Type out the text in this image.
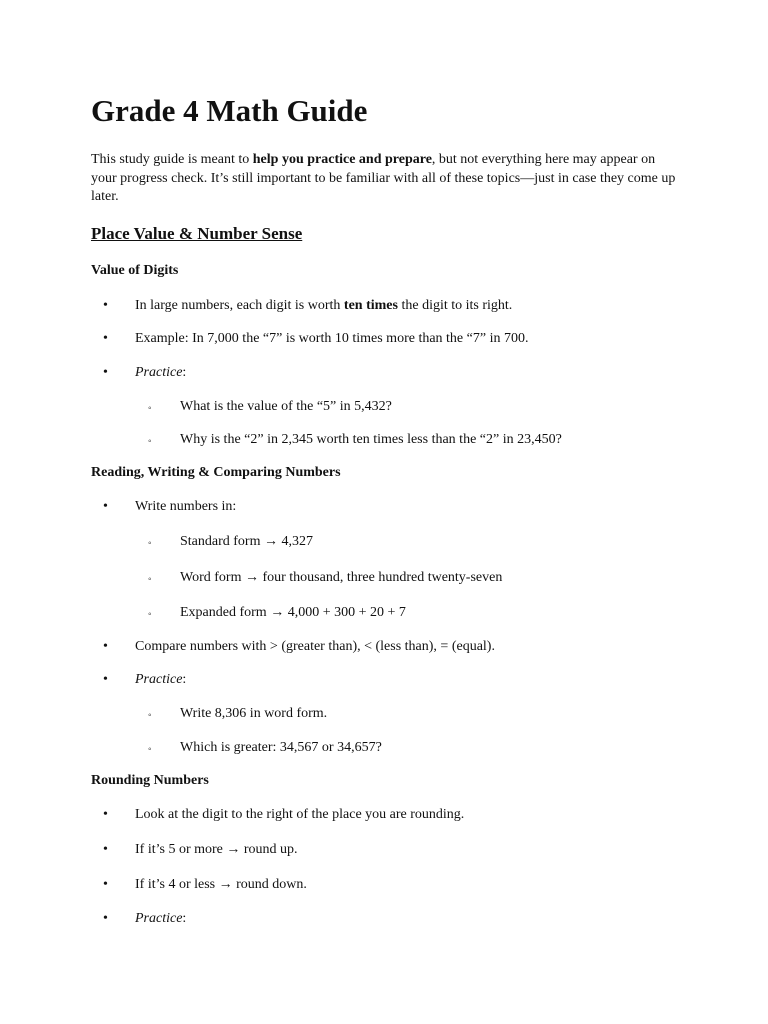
Grade 4 Math Guide

This study guide is meant to help you practice and prepare, but not everything here may appear on your progress check. It’s still important to be familiar with all of these topics—just in case they come up later.

Place Value & Number Sense
Value of Digits
• In large numbers, each digit is worth ten times the digit to its right.
• Example: In 7,000 the “7” is worth 10 times more than the “7” in 700.
• Practice:
◦ What is the value of the “5” in 5,432?
◦ Why is the “2” in 2,345 worth ten times less than the “2” in 23,450?
Reading, Writing & Comparing Numbers
• Write numbers in:
◦ Standard form → 4,327
◦ Word form → four thousand, three hundred twenty-seven
◦ Expanded form → 4,000 + 300 + 20 + 7
• Compare numbers with > (greater than), < (less than), = (equal).
• Practice:
◦ Write 8,306 in word form.
◦ Which is greater: 34,567 or 34,657?
Rounding Numbers
• Look at the digit to the right of the place you are rounding.
• If it’s 5 or more → round up.
• If it’s 4 or less → round down.
• Practice:
